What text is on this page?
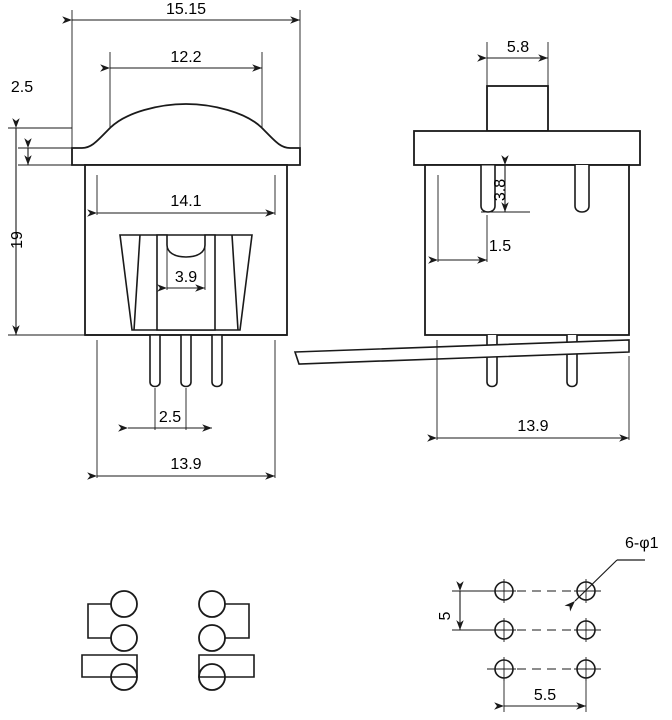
15.15
12.2
2.5
19
14.1
3.9
2.5
13.9
5.8
3.8
1.5
13.9
6-φ1
5
5.5
